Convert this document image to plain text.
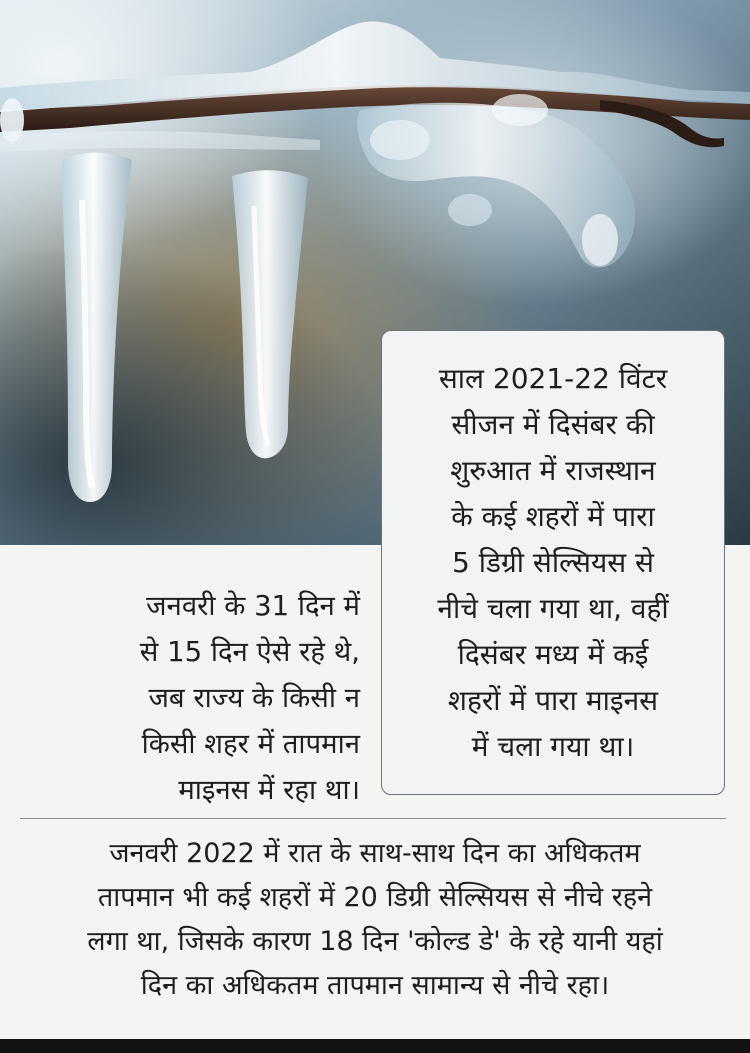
साल 2021-22 विंटर
सीजन में दिसंबर की
शुरुआत में राजस्थान
के कई शहरों में पारा
5 डिग्री सेल्सियस से
नीचे चला गया था, वहीं
दिसंबर मध्य में कई
शहरों में पारा माइनस
में चला गया था।
जनवरी के 31 दिन में
से 15 दिन ऐसे रहे थे,
जब राज्य के किसी न
किसी शहर में तापमान
माइनस में रहा था।
जनवरी 2022 में रात के साथ-साथ दिन का अधिकतम
तापमान भी कई शहरों में 20 डिग्री सेल्सियस से नीचे रहने
लगा था, जिसके कारण 18 दिन 'कोल्ड डे' के रहे यानी यहां
दिन का अधिकतम तापमान सामान्य से नीचे रहा।
